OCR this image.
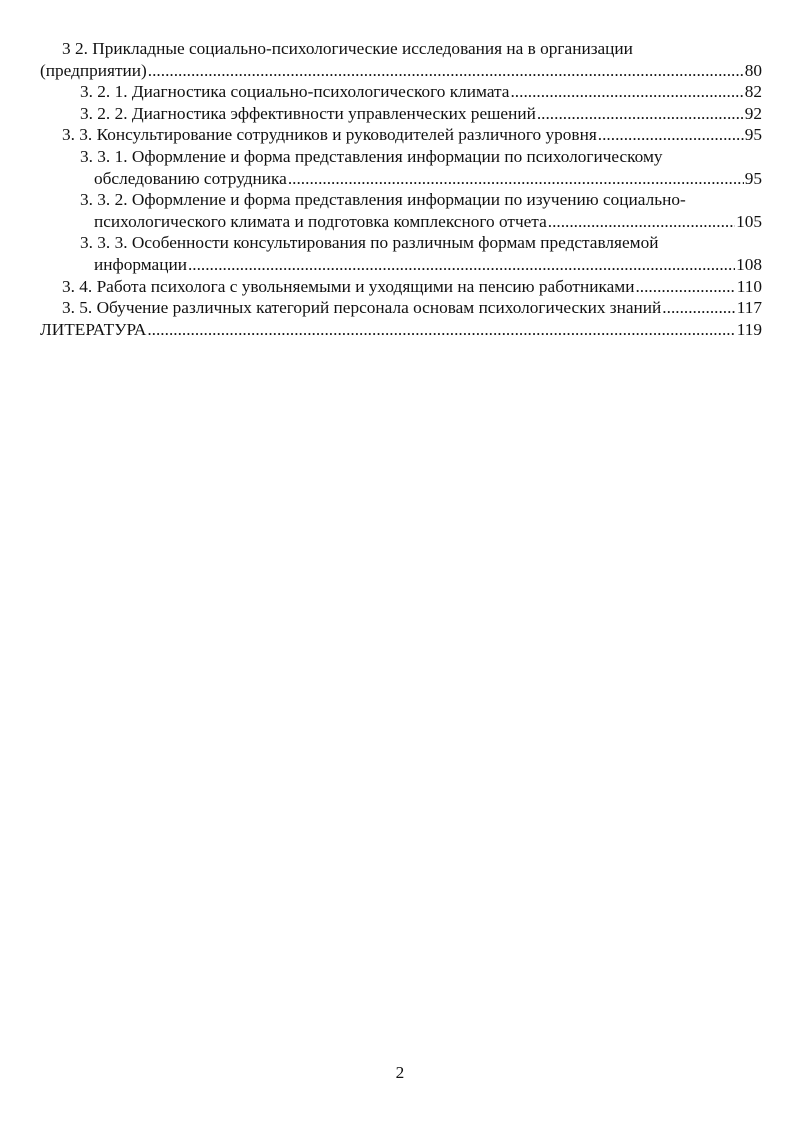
3 2. Прикладные социально-психологические исследования на в организации
(предприятии) .....	80
3. 2. 1. Диагностика социально-психологического климата .....	82
3. 2. 2. Диагностика эффективности управленческих решений .....	92
3. 3. Консультирование сотрудников и руководителей различного уровня .....	95
3. 3. 1. Оформление и форма представления информации по психологическому
обследованию сотрудника .....	95
3. 3. 2. Оформление и форма представления информации по изучению социально-
психологического климата и подготовка комплексного отчета .....	105
3. 3. 3. Особенности консультирования по различным формам представляемой
информации .....	108
3. 4. Работа психолога с увольняемыми и уходящими на пенсию работниками .....	110
3. 5. Обучение различных категорий персонала основам психологических знаний .....	117
ЛИТЕРАТУРА .....	119
2
